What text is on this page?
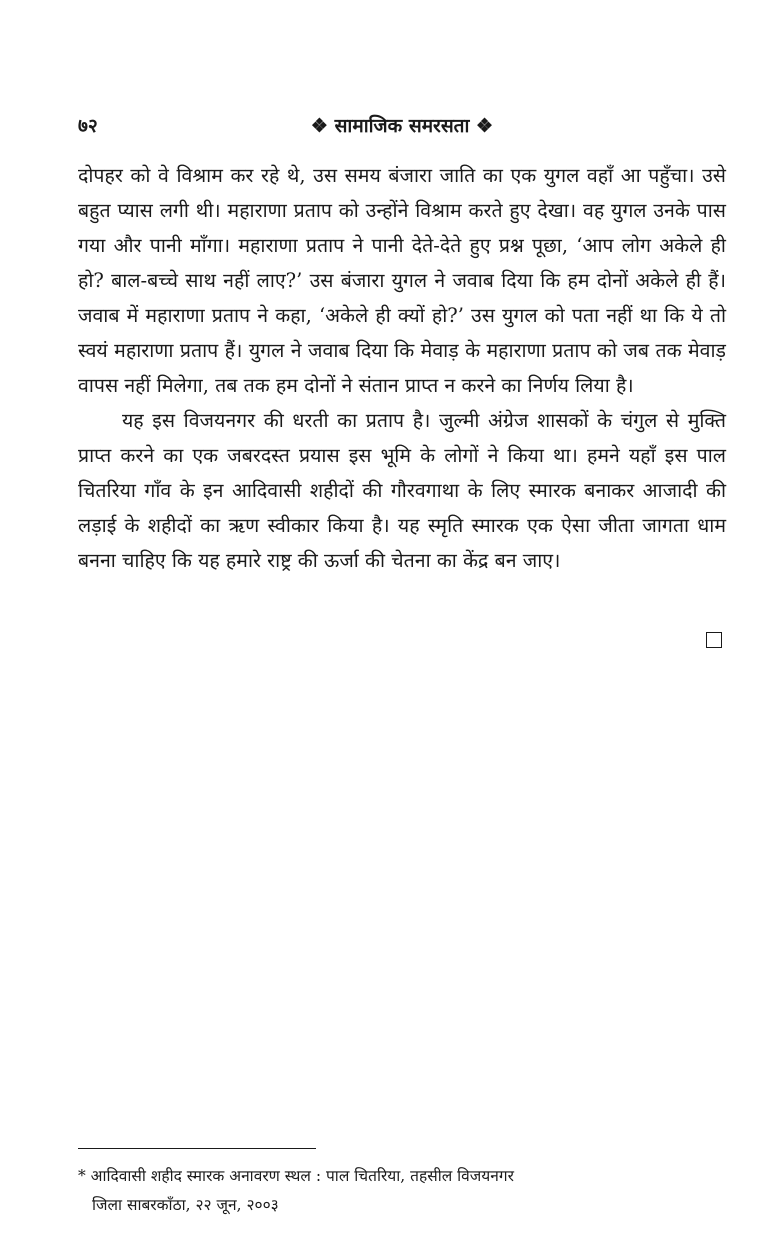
७२	❖ सामाजिक समरसता ❖

दोपहर को वे विश्राम कर रहे थे, उस समय बंजारा जाति का एक युगल वहाँ आ पहुँचा। उसे बहुत प्यास लगी थी। महाराणा प्रताप को उन्होंने विश्राम करते हुए देखा। वह युगल उनके पास गया और पानी माँगा। महाराणा प्रताप ने पानी देते-देते हुए प्रश्न पूछा, ‘आप लोग अकेले ही हो? बाल-बच्चे साथ नहीं लाए?’ उस बंजारा युगल ने जवाब दिया कि हम दोनों अकेले ही हैं। जवाब में महाराणा प्रताप ने कहा, ‘अकेले ही क्यों हो?’ उस युगल को पता नहीं था कि ये तो स्वयं महाराणा प्रताप हैं। युगल ने जवाब दिया कि मेवाड़ के महाराणा प्रताप को जब तक मेवाड़ वापस नहीं मिलेगा, तब तक हम दोनों ने संतान प्राप्त न करने का निर्णय लिया है।

यह इस विजयनगर की धरती का प्रताप है। जुल्मी अंग्रेज शासकों के चंगुल से मुक्ति प्राप्त करने का एक जबरदस्त प्रयास इस भूमि के लोगों ने किया था। हमने यहाँ इस पाल चितरिया गाँव के इन आदिवासी शहीदों की गौरवगाथा के लिए स्मारक बनाकर आजादी की लड़ाई के शहीदों का ऋण स्वीकार किया है। यह स्मृति स्मारक एक ऐसा जीता जागता धाम बनना चाहिए कि यह हमारे राष्ट्र की ऊर्जा की चेतना का केंद्र बन जाए।

* आदिवासी शहीद स्मारक अनावरण स्थल : पाल चितरिया, तहसील विजयनगर
जिला साबरकाँठा, २२ जून, २००३
